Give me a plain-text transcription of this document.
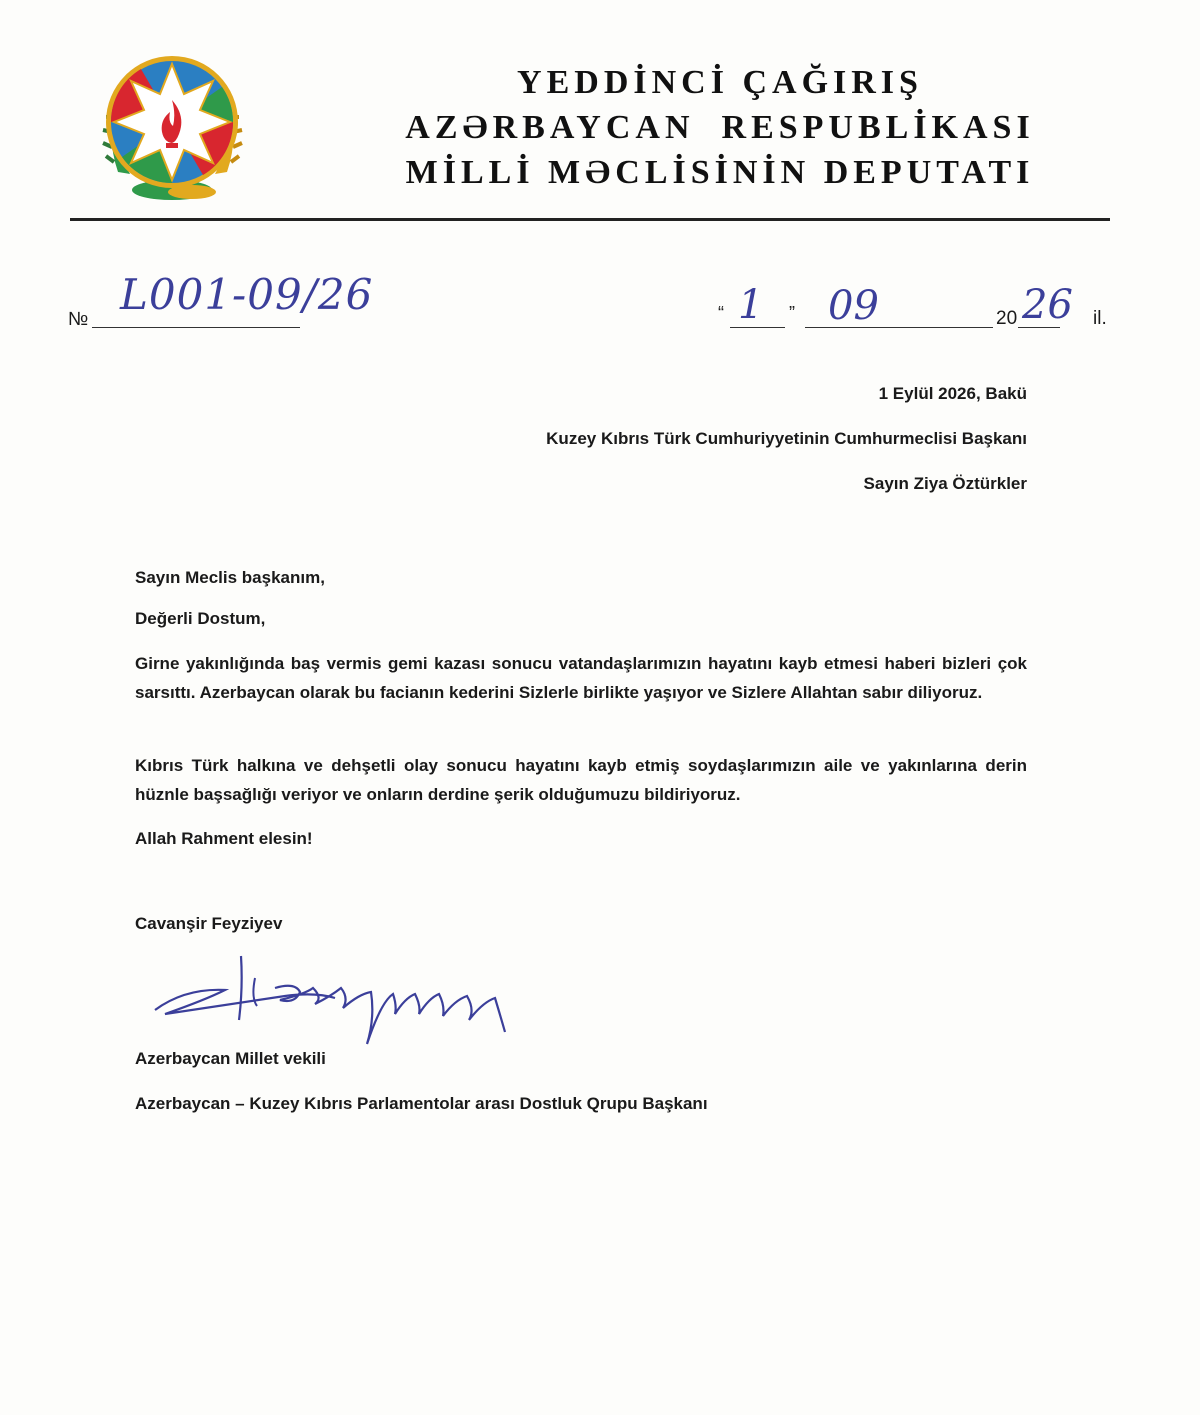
YEDDİNCİ ÇAĞIRIŞ
AZƏRBAYCAN  RESPUBLİKASI
MİLLİ MƏCLİSİNİN DEPUTATI
№
L001-09/26	“ 1 ” 09	20 26 il.
1 Eylül 2026, Bakü
Kuzey Kıbrıs Türk Cumhuriyyetinin Cumhurmeclisi Başkanı
Sayın Ziya Öztürkler
Sayın Meclis başkanım,
Değerli Dostum,
Girne yakınlığında baş vermis gemi kazası sonucu vatandaşlarımızın hayatını kayb etmesi haberi bizleri çok sarsıttı. Azerbaycan olarak bu facianın kederini Sizlerle birlikte yaşıyor ve Sizlere Allahtan sabır diliyoruz.
Kıbrıs Türk halkına ve dehşetli olay sonucu hayatını kayb etmiş soydaşlarımızın aile ve yakınlarına derin hüznle başsağlığı veriyor ve onların derdine şerik olduğumuzu bildiriyoruz.
Allah Rahment elesin!
Cavanşir Feyziyev
Azerbaycan Millet vekili
Azerbaycan – Kuzey Kıbrıs Parlamentolar arası Dostluk Qrupu Başkanı
